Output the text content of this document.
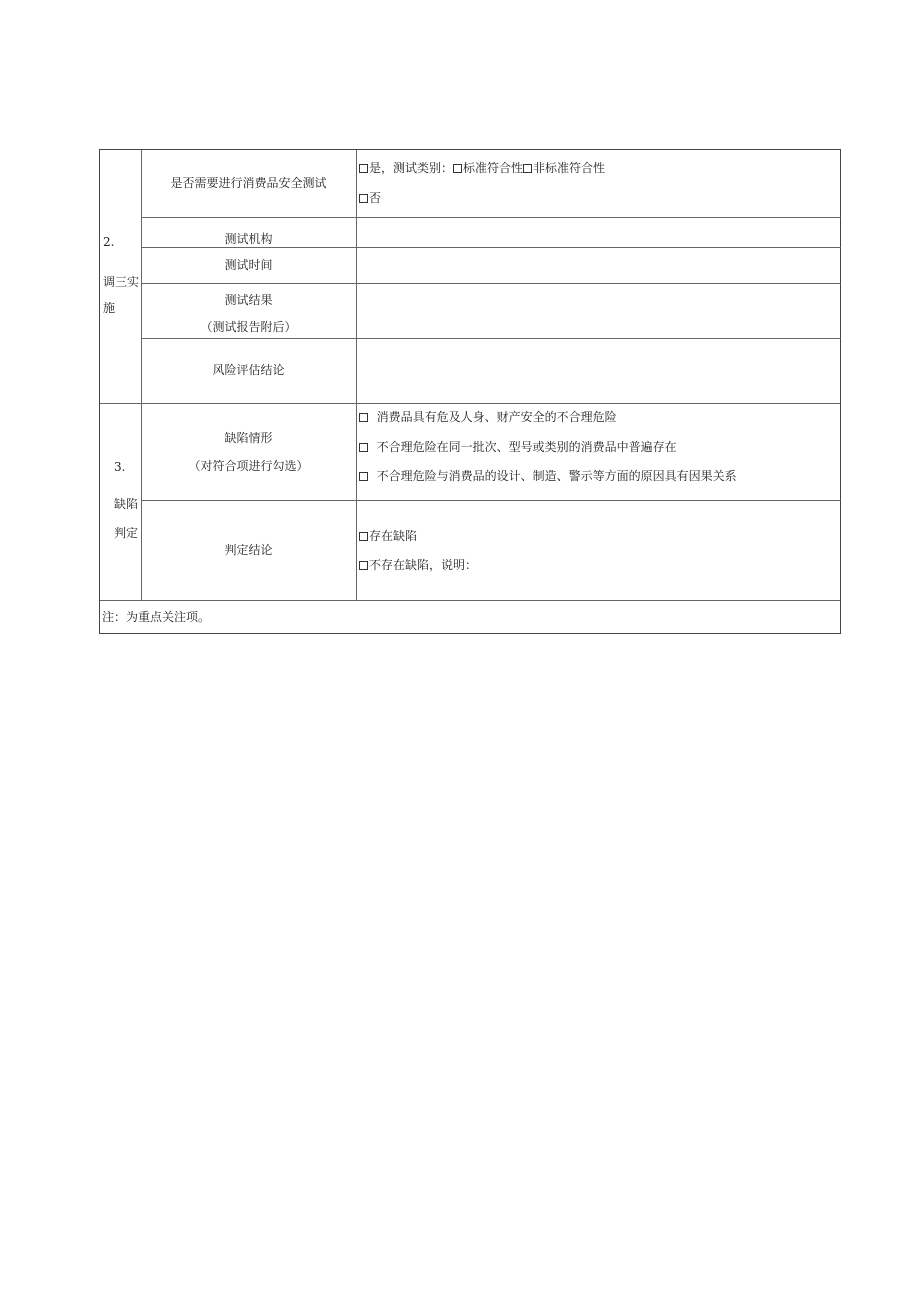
2.
调三实
施
是否需要进行消费品安全测试
是，测试类别： 标准符合性 非标准符合性
否
测试机构
测试时间
测试结果
（测试报告附后）
风险评估结论
3.
缺陷
判定
缺陷情形
（对符合项进行勾选）
消费品具有危及人身、财产安全的不合理危险
不合理危险在同一批次、型号或类别的消费品中普遍存在
不合理危险与消费品的设计、制造、警示等方面的原因具有因果关系
判定结论
存在缺陷
不存在缺陷，说明：
注：为重点关注项。
